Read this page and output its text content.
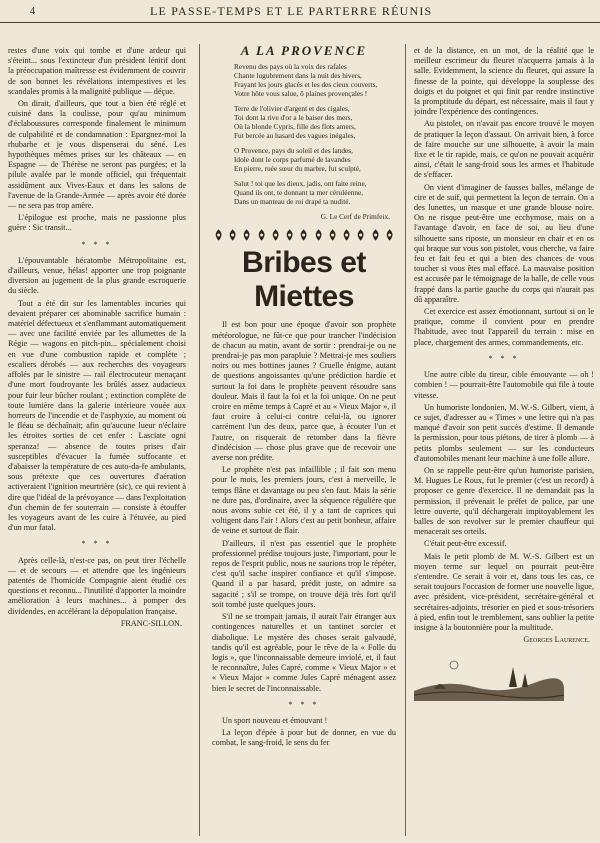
4	LE PASSE-TEMPS ET LE PARTERRE RÉUNIS

restes d'une voix qui tombe et d'une ardeur qui s'éteint... sous l'extincteur d'un président lénitif dont la préoccupation maîtresse est évidemment de couvrir de son bonnet les révélations intempestives et les scandales promis à la malignité publique — déçue.

On dirait, d'ailleurs, que tout a bien été réglé et cuisiné dans la coulisse, pour qu'au minimum d'éclaboussures corresponde finalement le minimum de culpabilité et de condamnation : Epargnez-moi la rhubarbe et je vous dispenserai du séné. Les hypothèques mêmes prises sur les châteaux — en Espagne — de Thérèse ne seront pas purgées; et la pilule avalée par le monde officiel, qui fréquentait assidûment aux Vives-Eaux et dans les salons de l'avenue de la Grande-Armée — après avoir été dorée — ne sera pas trop amère.

L'épilogue est proche, mais ne passionne plus guère : Sic transit...

* * *

L'épouvantable hécatombe Métropolitaine est, d'ailleurs, venue, hélas! apporter une trop poignante diversion au jugement de la plus grande escroquerie du siècle.

Tout a été dit sur les lamentables incuries qui devaient préparer cet abominable sacrifice humain : matériel défectueux et s'enflammant automatiquement — avec une facilité enviée par les allumettes de la Régie — wagons en pitch-pin... spécialement choisi en vue d'une combustion rapide et complète ; escaliers dérobés — aux recherches des voyageurs affolés par le sinistre — rail électrocuteur menaçant d'une mort foudroyante les brûlés assez audacieux pour fuir leur bûcher roulant ; extinction complète de toute lumière dans la galerie intérieure vouée aux horreurs de l'incendie et de l'asphyxie, au moment où le fléau se déchaînait; afin qu'aucune lueur n'éclaire les étroites sorties de cet enfer : Lasciate ogni speranza! — absence de toutes prises d'air susceptibles d'évacuer la fumée suffocante et d'abaisser la température de ces auto-da-fe ambulants, sous prétexte que ces ouvertures d'aération activeraient l'ignition meurtrière (sic), ce qui revient à dire que l'idéal de la prévoyance — dans l'exploitation d'un chemin de fer souterrain — consiste à étouffer les voyageurs avant de les cuire à l'étuvée, au pied d'un mur fatal.

* * *

Après celle-là, n'est-ce pas, on peut tirer l'échelle — et de secours — et attendre que les ingénieurs patentés de l'homicide Compagnie aient étudié ces questions et reconnu... l'inutilité d'apporter la moindre amélioration à leurs machines... à pomper des dividendes, en accélérant la dépopulation française.

FRANC-SILLON.
A LA PROVENCE
Revenu des pays où la voix des rafales
Chante lugubrement dans la nuit des hivers,
Frayant les jours glacés et les des cieux couverts,
Votre hôte vous salue, ô plaines provençales !
Terre de l'olivier d'argent et des cigales,
Toi dont la rive d'or a le baiser des mers,
Où la blonde Cypris, fille des flots amers,
Fut bercée au hasard des vagues inégales,
O Provence, pays du soleil et des landes,
Idole dont le corps parfumé de lavandes
En pierre, ruée sœur du marbre, fut sculpté,
Salut ! toi que les dieux, jadis, ont faite reine,
Quand ils ont, te donnant ta mer céruléenne,
Dans un manteau de roi drapé ta nudité.
G. Le Cerf de Primfeix.
Bribes et Miettes

Il est bon pour une époque d'avoir son prophète météorologue, ne fût-ce que pour trancher l'indécision de chacun au matin, avant de sortir : prendrai-je ou ne prendrai-je pas mon parapluie ? Mettrai-je mes souliers noirs ou mes bottines jaunes ? Cruelle énigme, autant de questions angoissantes qu'une prédiction hardie et surtout la foi dans le prophète peuvent résoudre sans douleur. Mais il faut la foi et la foi unique. On ne peut croire en même temps à Capré et au « Vieux Major », il faut croire à celui-ci contre celui-là, ou ignorer carrément l'un des deux, parce que, à écouter l'un et l'autre, on risquerait de retomber dans la fièvre d'indécision — chose plus grave que de recevoir une averse non prédite.

Le prophète n'est pas infaillible ; il fait son menu pour le mois, les premiers jours, c'est à merveille, le temps flâne et davantage ou peu s'en faut. Mais la série ne dure pas, d'ordinaire, avec la séquence régulière que nous avons subie cet été, il y a tant de caprices qui voltigent dans l'air ! Alors c'est au petit bonheur, affaire de veine et surtout de flair.

D'ailleurs, il n'est pas essentiel que le prophète professionnel prédise toujours juste, l'important, pour le repos de l'esprit public, nous ne saurions trop le répéter, c'est qu'il sache inspirer confiance et qu'il s'impose. Quand il a par hasard, prédit juste, on admire sa sagacité ; s'il se trompe, on trouve déjà très fort qu'il soit tombé juste quelques jours.

S'il ne se trompait jamais, il aurait l'air étranger aux contingences naturelles et un tantinet sorcier et diabolique. Le mystère des choses serait galvaudé, tandis qu'il est agréable, pour le rêve de la « Folle du logis », que l'inconnaissable demeure inviolé, et, il faut le reconnaître, Jules Capré, comme « Vieux Major » et « Vieux Major » comme Jules Capré ménagent assez bien le secret de l'inconnaissable.

* * *

Un sport nouveau et émouvant !

La leçon d'épée à pour but de donner, en vue du combat, le sang-froid, le sens du fer

et de la distance, en un mot, de la réalité que le meilleur escrimeur du fleuret n'acquerra jamais à la salle. Evidemment, la science du fleuret, qui assure la finesse de la pointe, qui développe la souplesse des doigts et du poignet et qui finit par rendre instinctive la promptitude du départ, est nécessaire, mais il faut y joindre l'expérience des contingences.

Au pistolet, on n'avait pas encore trouvé le moyen de pratiquer la leçon d'assaut. On arrivait bien, à force de faire mouche sur une silhouette, à avoir la main fixe et le tir rapide, mais, ce qu'on ne pouvait acquérir ainsi, c'était le sang-froid sous les armes et l'habitude de s'effacer.

On vient d'imaginer de fausses balles, mélange de cire et de suif, qui permettent la leçon de terrain. On a des lunettes, un masque et une grande blouse noire. On ne risque peut-être une ecchymose, mais on a l'avantage d'avoir, en face de soi, au lieu d'une silhouette sans riposte, un monsieur en chair et en os qui braque sur vous son pistolet, vous cherche, va faire feu et fait feu et qui a bien des chances de vous toucher si vous êtes mal effacé. La mauvaise position est accusée par le témoignage de la balle, de celle vous frappé dans la partie gauche du corps qui n'aurait pas dû apparaître.

Cet exercice est assez émotionnant, surtout si on le pratique, comme il convient pour en prendre l'habitude, avec tout l'appareil du terrain : mise en place, chargement des armes, commandements, etc.

* * *

Une autre cible du tireur, cible émouvante — oh ! combien ! — pourrait-être l'automobile qui file à toute vitesse.

Un humoriste londonien, M. W.-S. Gilbert, vient, à ce sujet, d'adresser au « Times » une lettre qui n'a pas manqué d'avoir son petit succès d'estime. Il demande la permission, pour tous piétons, de tirer à plomb — à petits plombs seulement — sur les conducteurs d'automobiles menant leur machine à une folle allure.

On se rappelle peut-être qu'un humoriste parisien, M. Hugues Le Roux, fut le premier (c'est un record) à proposer ce genre d'exercice. Il ne demandait pas la permission, il prévenait le préfet de police, par une lettre ouverte, qu'il déchargerait impitoyablement les balles de son revolver sur le premier chauffeur qui menacerait ses orteils.

C'était peut-être excessif.

Mais le petit plomb de M. W.-S. Gilbert est un moyen terme sur lequel on pourrait peut-être s'entendre. Ce serait à voir et, dans tous les cas, ce serait toujours l'occasion de former une nouvelle ligue, avec président, vice-président, secrétaire-général et secrétaires-adjoints, trésorier en pied et sous-trésoriers à pied, enfin tout le tremblement, sans oublier la petite insigne à la boutonnière pour la multitude.

Georges Laurence.
